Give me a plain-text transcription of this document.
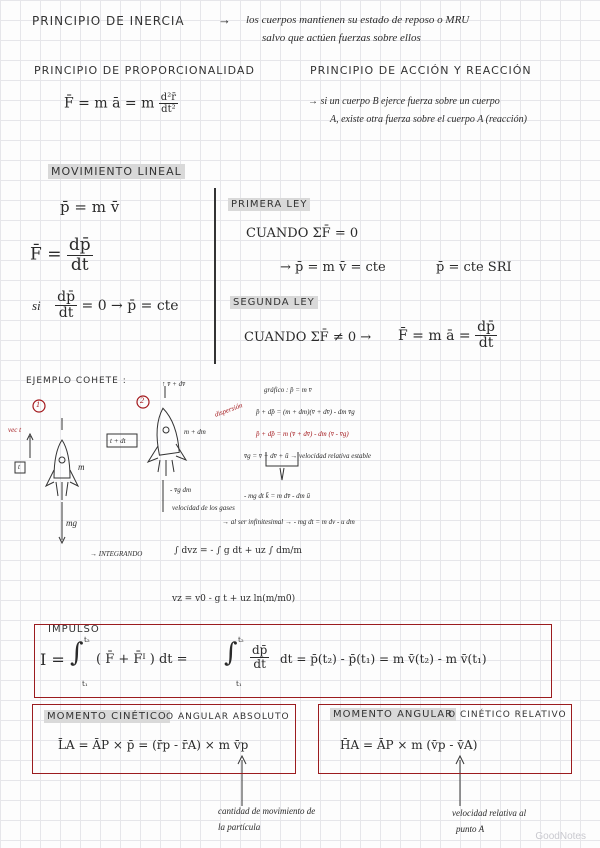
PRINCIPIO DE INERCIA	→ los cuerpos mantienen su estado de reposo o MRU
salvo que actúen fuerzas sobre ellos
PRINCIPIO DE PROPORCIONALIDAD
F̄ = m ā = m $\frac{\text{d²r̄}}{\text{dt²}}$
PRINCIPIO DE ACCIÓN Y REACCIÓN
→ si un cuerpo B ejerce fuerza sobre un cuerpo
A, existe otra fuerza sobre el cuerpo A (reacción)
MOVIMIENTO LINEAL
p̄ = m v̄
F̄ = $\frac{dp̄}{dt}$
si $\frac{dp̄}{dt} = 0$ → p̄ = cte
PRIMERA LEY
CUANDO ΣF̄ = 0
→ p̄ = m v̄ = cte	p̄ = cte SRI
SEGUNDA LEY
CUANDO ΣF̄ ≠ 0 → F̄ = m ā = $\frac{dp̄}{dt}$
EJEMPLO COHETE :
1	2
vec t
t	m
mg
t + dt
↑ v̄ + dv̄
m + dm
- v̄g dm
gráfico : p̄ = m v̄
dispersión p̄ + dp̄ = (m + dm)(v̄ + dv̄) - dm v̄g
p̄ + dp̄ = m (v̄ + dv̄) - dm (v̄ - v̄g)
v̄g = v̄ + dv̄ + ū → velocidad relativa estable
- mg dt k̄ = m dv̄ - dm ū
velocidad de los gases
→ al ser infinitesimal → - mg dt = m dv - u dm
→ INTEGRANDO	∫ dvz = - ∫ g dt + uz ∫ dm/m
vz = v0 - g t + uz ln(m/m0)
IMPULSO
I = ∫ t₂
t₁
( F̄ + F̄ᴵ ) dt = ∫ t₂
t₁
$\frac{dp̄}{dt}$ dt = p̄(t₂) - p̄(t₁) = m v̄(t₂) - m v̄(t₁)
MOMENTO CINÉTICO O ANGULAR ABSOLUTO
L̄A = ĀP × p̄ = (r̄p - r̄A) × m v̄p
cantidad de movimiento de
la partícula
MOMENTO ANGULAR
O CINÉTICO RELATIVO
H̄A = ĀP × m (v̄p - v̄A)
velocidad relativa al
punto A
GoodNotes
